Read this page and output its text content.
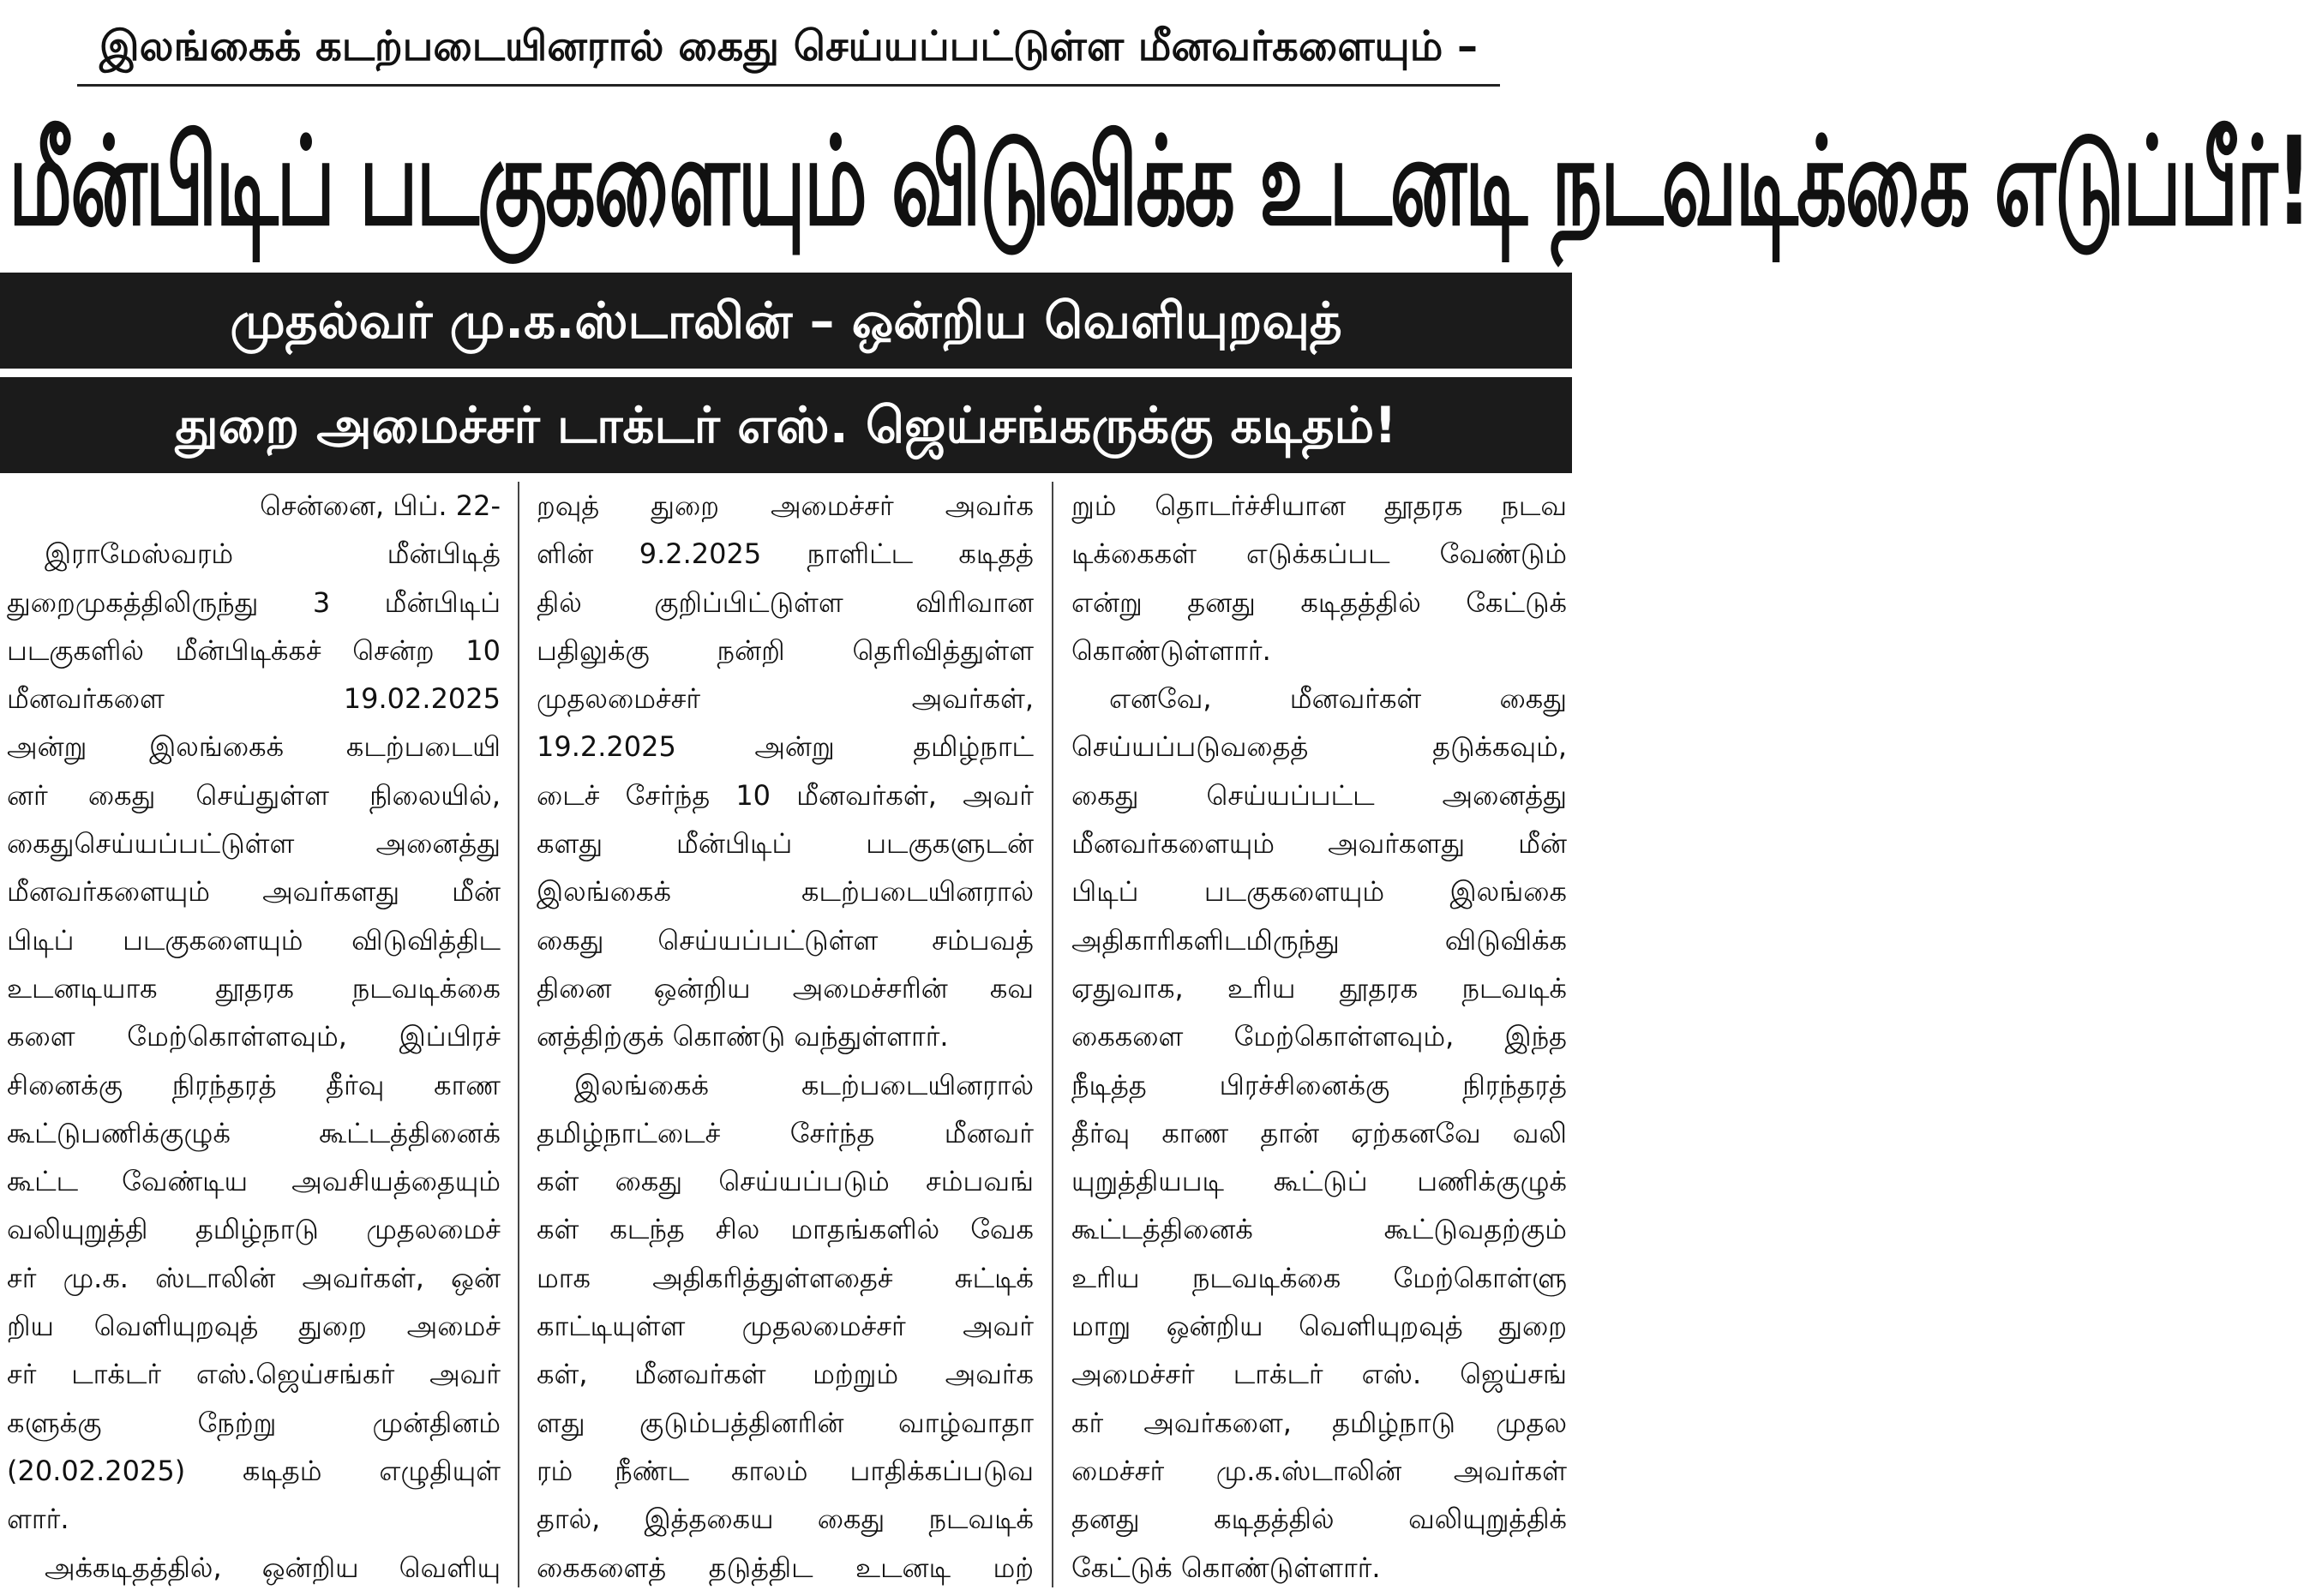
இலங்கைக் கடற்படையினரால் கைது செய்யப்பட்டுள்ள மீனவர்களையும் –
மீன்பிடிப் படகுகளையும் விடுவிக்க உடனடி நடவடிக்கை எடுப்பீர்!
முதல்வர் மு.க.ஸ்டாலின் – ஒன்றிய வெளியுறவுத்
துறை அமைச்சர் டாக்டர் எஸ். ஜெய்சங்கருக்கு கடிதம்!
சென்னை, பிப். 22-
இராமேஸ்வரம் மீன்பிடித்
துறைமுகத்திலிருந்து 3 மீன்பிடிப்
படகுகளில் மீன்பிடிக்கச் சென்ற 10
மீனவர்களை 19.02.2025
அன்று இலங்கைக் கடற்படையி
னர் கைது செய்துள்ள நிலையில்,
கைதுசெய்யப்பட்டுள்ள அனைத்து
மீனவர்களையும் அவர்களது மீன்
பிடிப் படகுகளையும் விடுவித்திட
உடனடியாக தூதரக நடவடிக்கை
களை மேற்கொள்ளவும், இப்பிரச்
சினைக்கு நிரந்தரத் தீர்வு காண
கூட்டுபணிக்குழுக் கூட்டத்தினைக்
கூட்ட வேண்டிய அவசியத்தையும்
வலியுறுத்தி தமிழ்நாடு முதலமைச்
சர் மு.க. ஸ்டாலின் அவர்கள், ஒன்
றிய வெளியுறவுத் துறை அமைச்
சர் டாக்டர் எஸ்.ஜெய்சங்கர் அவர்
களுக்கு நேற்று முன்தினம்
(20.02.2025) கடிதம் எழுதியுள்
ளார்.
அக்கடிதத்தில், ஒன்றிய வெளியு
றவுத் துறை அமைச்சர் அவர்க
ளின் 9.2.2025 நாளிட்ட கடிதத்
தில் குறிப்பிட்டுள்ள விரிவான
பதிலுக்கு நன்றி தெரிவித்துள்ள
முதலமைச்சர் அவர்கள்,
19.2.2025 அன்று தமிழ்நாட்
டைச் சேர்ந்த 10 மீனவர்கள், அவர்
களது மீன்பிடிப் படகுகளுடன்
இலங்கைக் கடற்படையினரால்
கைது செய்யப்பட்டுள்ள சம்பவத்
தினை ஒன்றிய அமைச்சரின் கவ
னத்திற்குக் கொண்டு வந்துள்ளார்.
இலங்கைக் கடற்படையினரால்
தமிழ்நாட்டைச் சேர்ந்த மீனவர்
கள் கைது செய்யப்படும் சம்பவங்
கள் கடந்த சில மாதங்களில் வேக
மாக அதிகரித்துள்ளதைச் சுட்டிக்
காட்டியுள்ள முதலமைச்சர் அவர்
கள், மீனவர்கள் மற்றும் அவர்க
ளது குடும்பத்தினரின் வாழ்வாதா
ரம் நீண்ட காலம் பாதிக்கப்படுவ
தால், இத்தகைய கைது நடவடிக்
கைகளைத் தடுத்திட உடனடி மற்
றும் தொடர்ச்சியான தூதரக நடவ
டிக்கைகள் எடுக்கப்பட வேண்டும்
என்று தனது கடிதத்தில் கேட்டுக்
கொண்டுள்ளார்.
எனவே, மீனவர்கள் கைது
செய்யப்படுவதைத் தடுக்கவும்,
கைது செய்யப்பட்ட அனைத்து
மீனவர்களையும் அவர்களது மீன்
பிடிப் படகுகளையும் இலங்கை
அதிகாரிகளிடமிருந்து விடுவிக்க
ஏதுவாக, உரிய தூதரக நடவடிக்
கைகளை மேற்கொள்ளவும், இந்த
நீடித்த பிரச்சினைக்கு நிரந்தரத்
தீர்வு காண தான் ஏற்கனவே வலி
யுறுத்தியபடி கூட்டுப் பணிக்குழுக்
கூட்டத்தினைக் கூட்டுவதற்கும்
உரிய நடவடிக்கை மேற்கொள்ளு
மாறு ஒன்றிய வெளியுறவுத் துறை
அமைச்சர் டாக்டர் எஸ். ஜெய்சங்
கர் அவர்களை, தமிழ்நாடு முதல
மைச்சர் மு.க.ஸ்டாலின் அவர்கள்
தனது கடிதத்தில் வலியுறுத்திக்
கேட்டுக் கொண்டுள்ளார்.
